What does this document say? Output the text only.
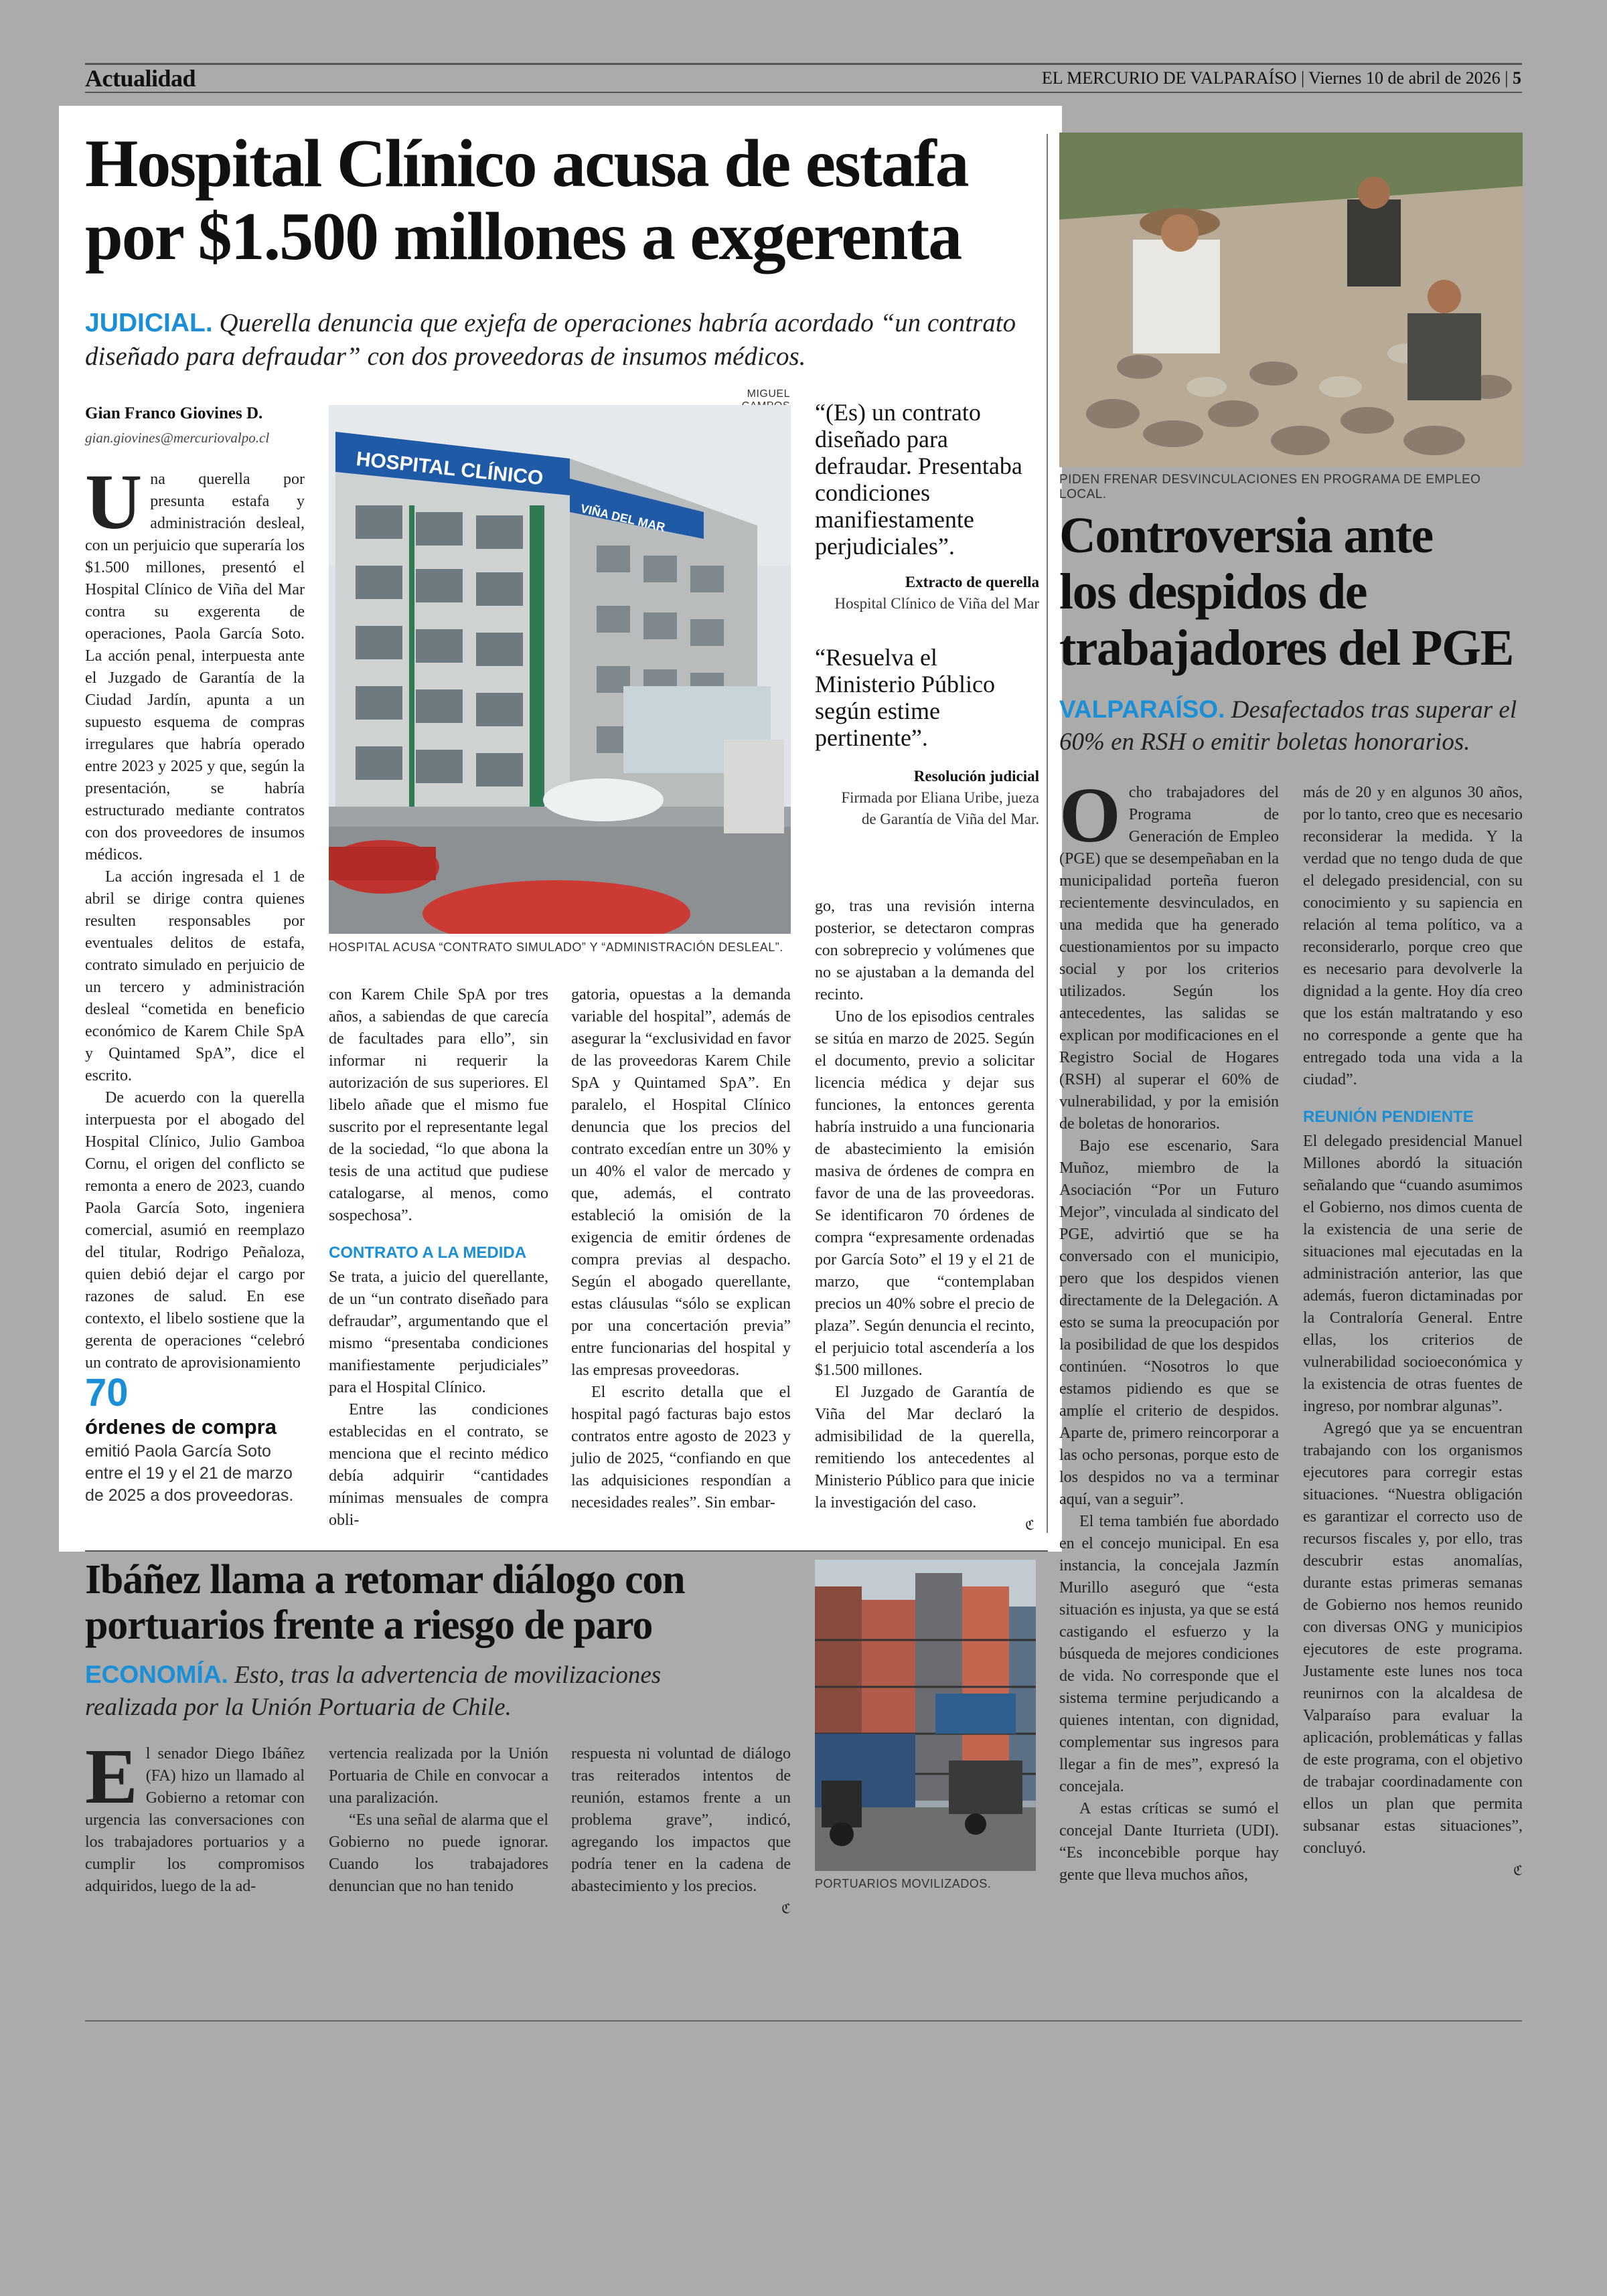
Actualidad	EL MERCURIO DE VALPARAÍSO | Viernes 10 de abril de 2026 | 5
Hospital Clínico acusa de estafa
por $1.500 millones a exgerenta
JUDICIAL. Querella denuncia que exjefa de operaciones habría acordado “un contrato diseñado para defraudar” con dos proveedoras de insumos médicos.
Gian Franco Giovines D.
gian.giovines@mercuriovalpo.cl
MIGUEL
HOSPITAL CLÍNICO
VIÑA DEL MAR
HOSPITAL ACUSA “CONTRATO SIMULADO” Y “ADMINISTRACIÓN DESLEAL”.

Una querella por presunta estafa y administración desleal, con un perjuicio que superaría los $1.500 millones, presentó el Hospital Clínico de Viña del Mar contra su exgerenta de operaciones, Paola García Soto. La acción penal, interpuesta ante el Juzgado de Garantía de la Ciudad Jardín, apunta a un supuesto esquema de compras irregulares que habría operado entre 2023 y 2025 y que, según la presentación, se habría estructurado mediante contratos con dos proveedores de insumos médicos.

La acción ingresada el 1 de abril se dirige contra quienes resulten responsables por eventuales delitos de estafa, contrato simulado en perjuicio de un tercero y administración desleal “cometida en beneficio económico de Karem Chile SpA y Quintamed SpA”, dice el escrito.

De acuerdo con la querella interpuesta por el abogado del Hospital Clínico, Julio Gamboa Cornu, el origen del conflicto se remonta a enero de 2023, cuando Paola García Soto, ingeniera comercial, asumió en reemplazo del titular, Rodrigo Peñaloza, quien debió dejar el cargo por razones de salud. En ese contexto, el libelo sostiene que la gerenta de operaciones “celebró un contrato de aprovisionamiento

70
órdenes de compra
emitió Paola García Soto
entre el 19 y el 21 de marzo
de 2025 a dos proveedoras.

con Karem Chile SpA por tres años, a sabiendas de que carecía de facultades para ello”, sin informar ni requerir la autorización de sus superiores. El libelo añade que el mismo fue suscrito por el representante legal de la sociedad, “lo que abona la tesis de una actitud que pudiese catalogarse, al menos, como sospechosa”.

CONTRATO A LA MEDIDA

Se trata, a juicio del querellante, de un “un contrato diseñado para defraudar”, argumentando que el mismo “presentaba condiciones manifiestamente perjudiciales” para el Hospital Clínico.

Entre las condiciones establecidas en el contrato, se menciona que el recinto médico debía adquirir “cantidades mínimas mensuales de compra obli-

gatoria, opuestas a la demanda variable del hospital”, además de asegurar la “exclusividad en favor de las proveedoras Karem Chile SpA y Quintamed SpA”. En paralelo, el Hospital Clínico denuncia que los precios del contrato excedían entre un 30% y un 40% el valor de mercado y que, además, el contrato estableció la omisión de la exigencia de emitir órdenes de compra previas al despacho. Según el abogado querellante, estas cláusulas “sólo se explican por una concertación previa” entre funcionarias del hospital y las empresas proveedoras.

El escrito detalla que el hospital pagó facturas bajo estos contratos entre agosto de 2023 y julio de 2025, “confiando en que las adquisiciones respondían a necesidades reales”. Sin embar-

“(Es) un contrato diseñado para defraudar. Presentaba condiciones manifiestamente perjudiciales”.
Extracto de querella
Hospital Clínico de Viña del Mar
“Resuelva el Ministerio Público según estime pertinente”.
Resolución judicial
Firmada por Eliana Uribe, jueza
de Garantía de Viña del Mar.

go, tras una revisión interna posterior, se detectaron compras con sobreprecio y volúmenes que no se ajustaban a la demanda del recinto.

Uno de los episodios centrales se sitúa en marzo de 2025. Según el documento, previo a solicitar licencia médica y dejar sus funciones, la entonces gerenta habría instruido a una funcionaria de abastecimiento la emisión masiva de órdenes de compra en favor de una de las proveedoras. Se identificaron 70 órdenes de compra “expresamente ordenadas por García Soto” el 19 y el 21 de marzo, que “contemplaban precios un 40% sobre el precio de plaza”. Según denuncia el recinto, el perjuicio total ascendería a los $1.500 millones.

El Juzgado de Garantía de Viña del Mar declaró la admisibilidad de la querella, remitiendo los antecedentes al Ministerio Público para que inicie la investigación del caso.

ℭ
PIDEN FRENAR DESVINCULACIONES EN PROGRAMA DE EMPLEO LOCAL.
Controversia ante
los despidos de
trabajadores del PGE
VALPARAÍSO. Desafectados tras superar el 60% en RSH o emitir boletas honorarios.

Ocho trabajadores del Programa de Generación de Empleo (PGE) que se desempeñaban en la municipalidad porteña fueron recientemente desvinculados, en una medida que ha generado cuestionamientos por su impacto social y por los criterios utilizados. Según los antecedentes, las salidas se explican por modificaciones en el Registro Social de Hogares (RSH) al superar el 60% de vulnerabilidad, y por la emisión de boletas de honorarios.

Bajo ese escenario, Sara Muñoz, miembro de la Asociación “Por un Futuro Mejor”, vinculada al sindicato del PGE, advirtió que se ha conversado con el municipio, pero que los despidos vienen directamente de la Delegación. A esto se suma la preocupación por la posibilidad de que los despidos continúen. “Nosotros lo que estamos pidiendo es que se amplíe el criterio de despidos. Aparte de, primero reincorporar a las ocho personas, porque esto de los despidos no va a terminar aquí, van a seguir”.

El tema también fue abordado en el concejo municipal. En esa instancia, la concejala Jazmín Murillo aseguró que “esta situación es injusta, ya que se está castigando el esfuerzo y la búsqueda de mejores condiciones de vida. No corresponde que el sistema termine perjudicando a quienes intentan, con dignidad, complementar sus ingresos para llegar a fin de mes”, expresó la concejala.

A estas críticas se sumó el concejal Dante Iturrieta (UDI). “Es inconcebible porque hay gente que lleva muchos años,

más de 20 y en algunos 30 años, por lo tanto, creo que es necesario reconsiderar la medida. Y la verdad que no tengo duda de que el delegado presidencial, con su conocimiento y su sapiencia en relación al tema político, va a reconsiderarlo, porque creo que es necesario para devolverle la dignidad a la gente. Hoy día creo que los están maltratando y eso no corresponde a gente que ha entregado toda una vida a la ciudad”.

REUNIÓN PENDIENTE

El delegado presidencial Manuel Millones abordó la situación señalando que “cuando asumimos el Gobierno, nos dimos cuenta de la existencia de una serie de situaciones mal ejecutadas en la administración anterior, las que además, fueron dictaminadas por la Contraloría General. Entre ellas, los criterios de vulnerabilidad socioeconómica y la existencia de otras fuentes de ingreso, por nombrar algunas”.

Agregó que ya se encuentran trabajando con los organismos ejecutores para corregir estas situaciones. “Nuestra obligación es garantizar el correcto uso de recursos fiscales y, por ello, tras descubrir estas anomalías, durante estas primeras semanas de Gobierno nos hemos reunido con diversas ONG y municipios ejecutores de este programa. Justamente este lunes nos toca reunirnos con la alcaldesa de Valparaíso para evaluar la aplicación, problemáticas y fallas de este programa, con el objetivo de trabajar coordinadamente con ellos un plan que permita subsanar estas situaciones”, concluyó.

ℭ
Ibáñez llama a retomar diálogo con
portuarios frente a riesgo de paro
ECONOMÍA. Esto, tras la advertencia de movilizaciones realizada por la Unión Portuaria de Chile.

El senador Diego Ibáñez (FA) hizo un llamado al Gobierno a retomar con urgencia las conversaciones con los trabajadores portuarios y a cumplir los compromisos adquiridos, luego de la ad-

vertencia realizada por la Unión Portuaria de Chile en convocar a una paralización.

“Es una señal de alarma que el Gobierno no puede ignorar. Cuando los trabajadores denuncian que no han tenido

respuesta ni voluntad de diálogo tras reiterados intentos de reunión, estamos frente a un problema grave”, indicó, agregando los impactos que podría tener en la cadena de abastecimiento y los precios.

ℭ
PORTUARIOS MOVILIZADOS.
